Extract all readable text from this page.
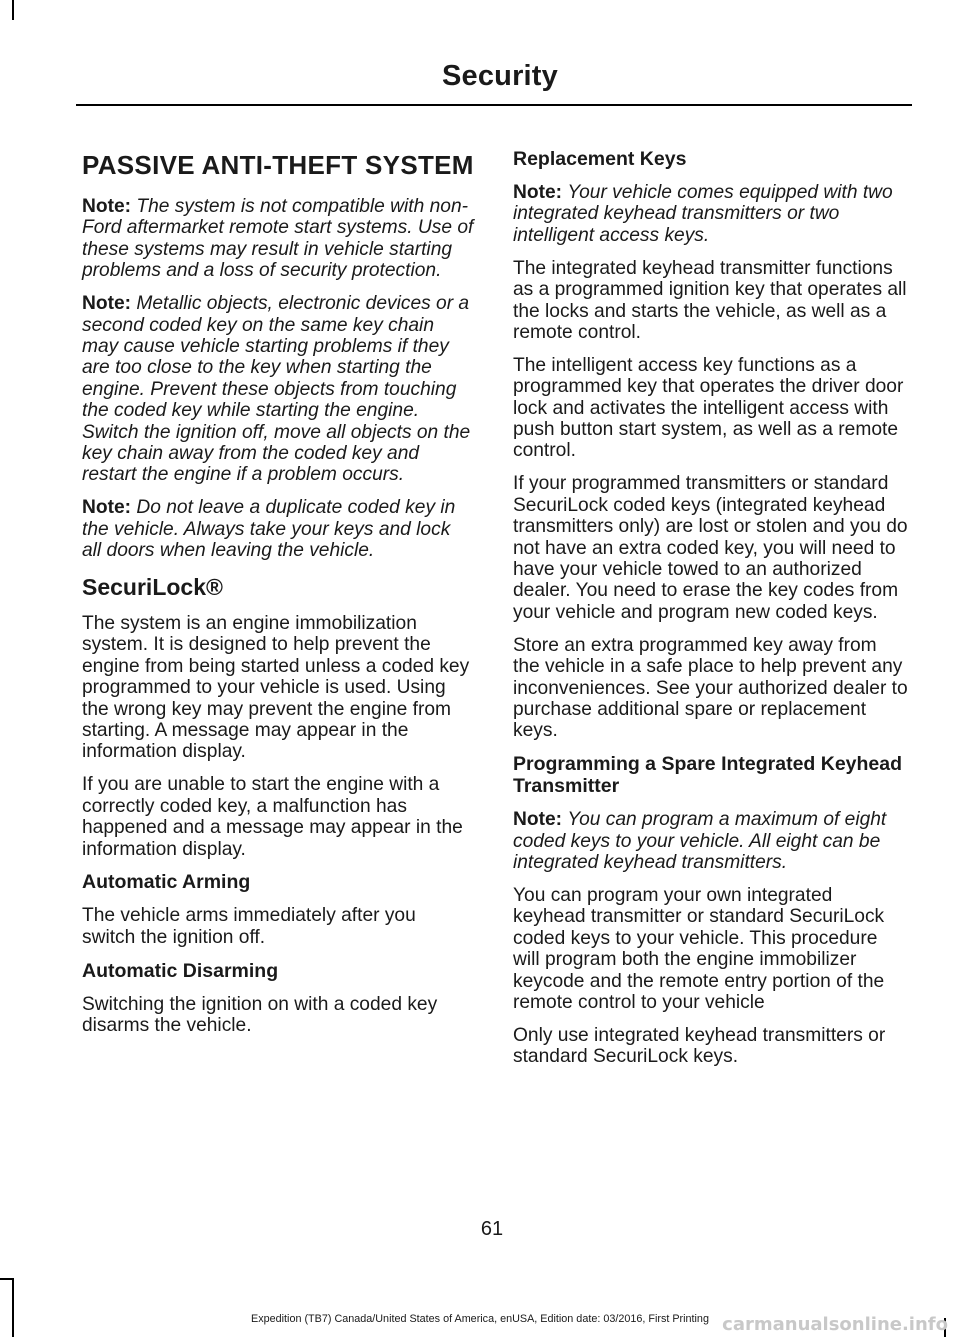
Security
PASSIVE ANTI-THEFT SYSTEM

Note: The system is not compatible with non-Ford aftermarket remote start systems. Use of these systems may result in vehicle starting problems and a loss of security protection.

Note: Metallic objects, electronic devices or a second coded key on the same key chain may cause vehicle starting problems if they are too close to the key when starting the engine. Prevent these objects from touching the coded key while starting the engine. Switch the ignition off, move all objects on the key chain away from the coded key and restart the engine if a problem occurs.

Note: Do not leave a duplicate coded key in the vehicle. Always take your keys and lock all doors when leaving the vehicle.

SecuriLock®

The system is an engine immobilization system. It is designed to help prevent the engine from being started unless a coded key programmed to your vehicle is used. Using the wrong key may prevent the engine from starting. A message may appear in the information display.

If you are unable to start the engine with a correctly coded key, a malfunction has happened and a message may appear in the information display.

Automatic Arming

The vehicle arms immediately after you switch the ignition off.

Automatic Disarming

Switching the ignition on with a coded key disarms the vehicle.

Replacement Keys

Note: Your vehicle comes equipped with two integrated keyhead transmitters or two intelligent access keys.

The integrated keyhead transmitter functions as a programmed ignition key that operates all the locks and starts the vehicle, as well as a remote control.

The intelligent access key functions as a programmed key that operates the driver door lock and activates the intelligent access with push button start system, as well as a remote control.

If your programmed transmitters or standard SecuriLock coded keys (integrated keyhead transmitters only) are lost or stolen and you do not have an extra coded key, you will need to have your vehicle towed to an authorized dealer. You need to erase the key codes from your vehicle and program new coded keys.

Store an extra programmed key away from the vehicle in a safe place to help prevent any inconveniences. See your authorized dealer to purchase additional spare or replacement keys.

Programming a Spare Integrated Keyhead Transmitter

Note: You can program a maximum of eight coded keys to your vehicle. All eight can be integrated keyhead transmitters.

You can program your own integrated keyhead transmitter or standard SecuriLock coded keys to your vehicle. This procedure will program both the engine immobilizer keycode and the remote entry portion of the remote control to your vehicle

Only use integrated keyhead transmitters or standard SecuriLock keys.

61
Expedition (TB7) Canada/United States of America, enUSA, Edition date: 03/2016, First Printing carmanualsonline.info
